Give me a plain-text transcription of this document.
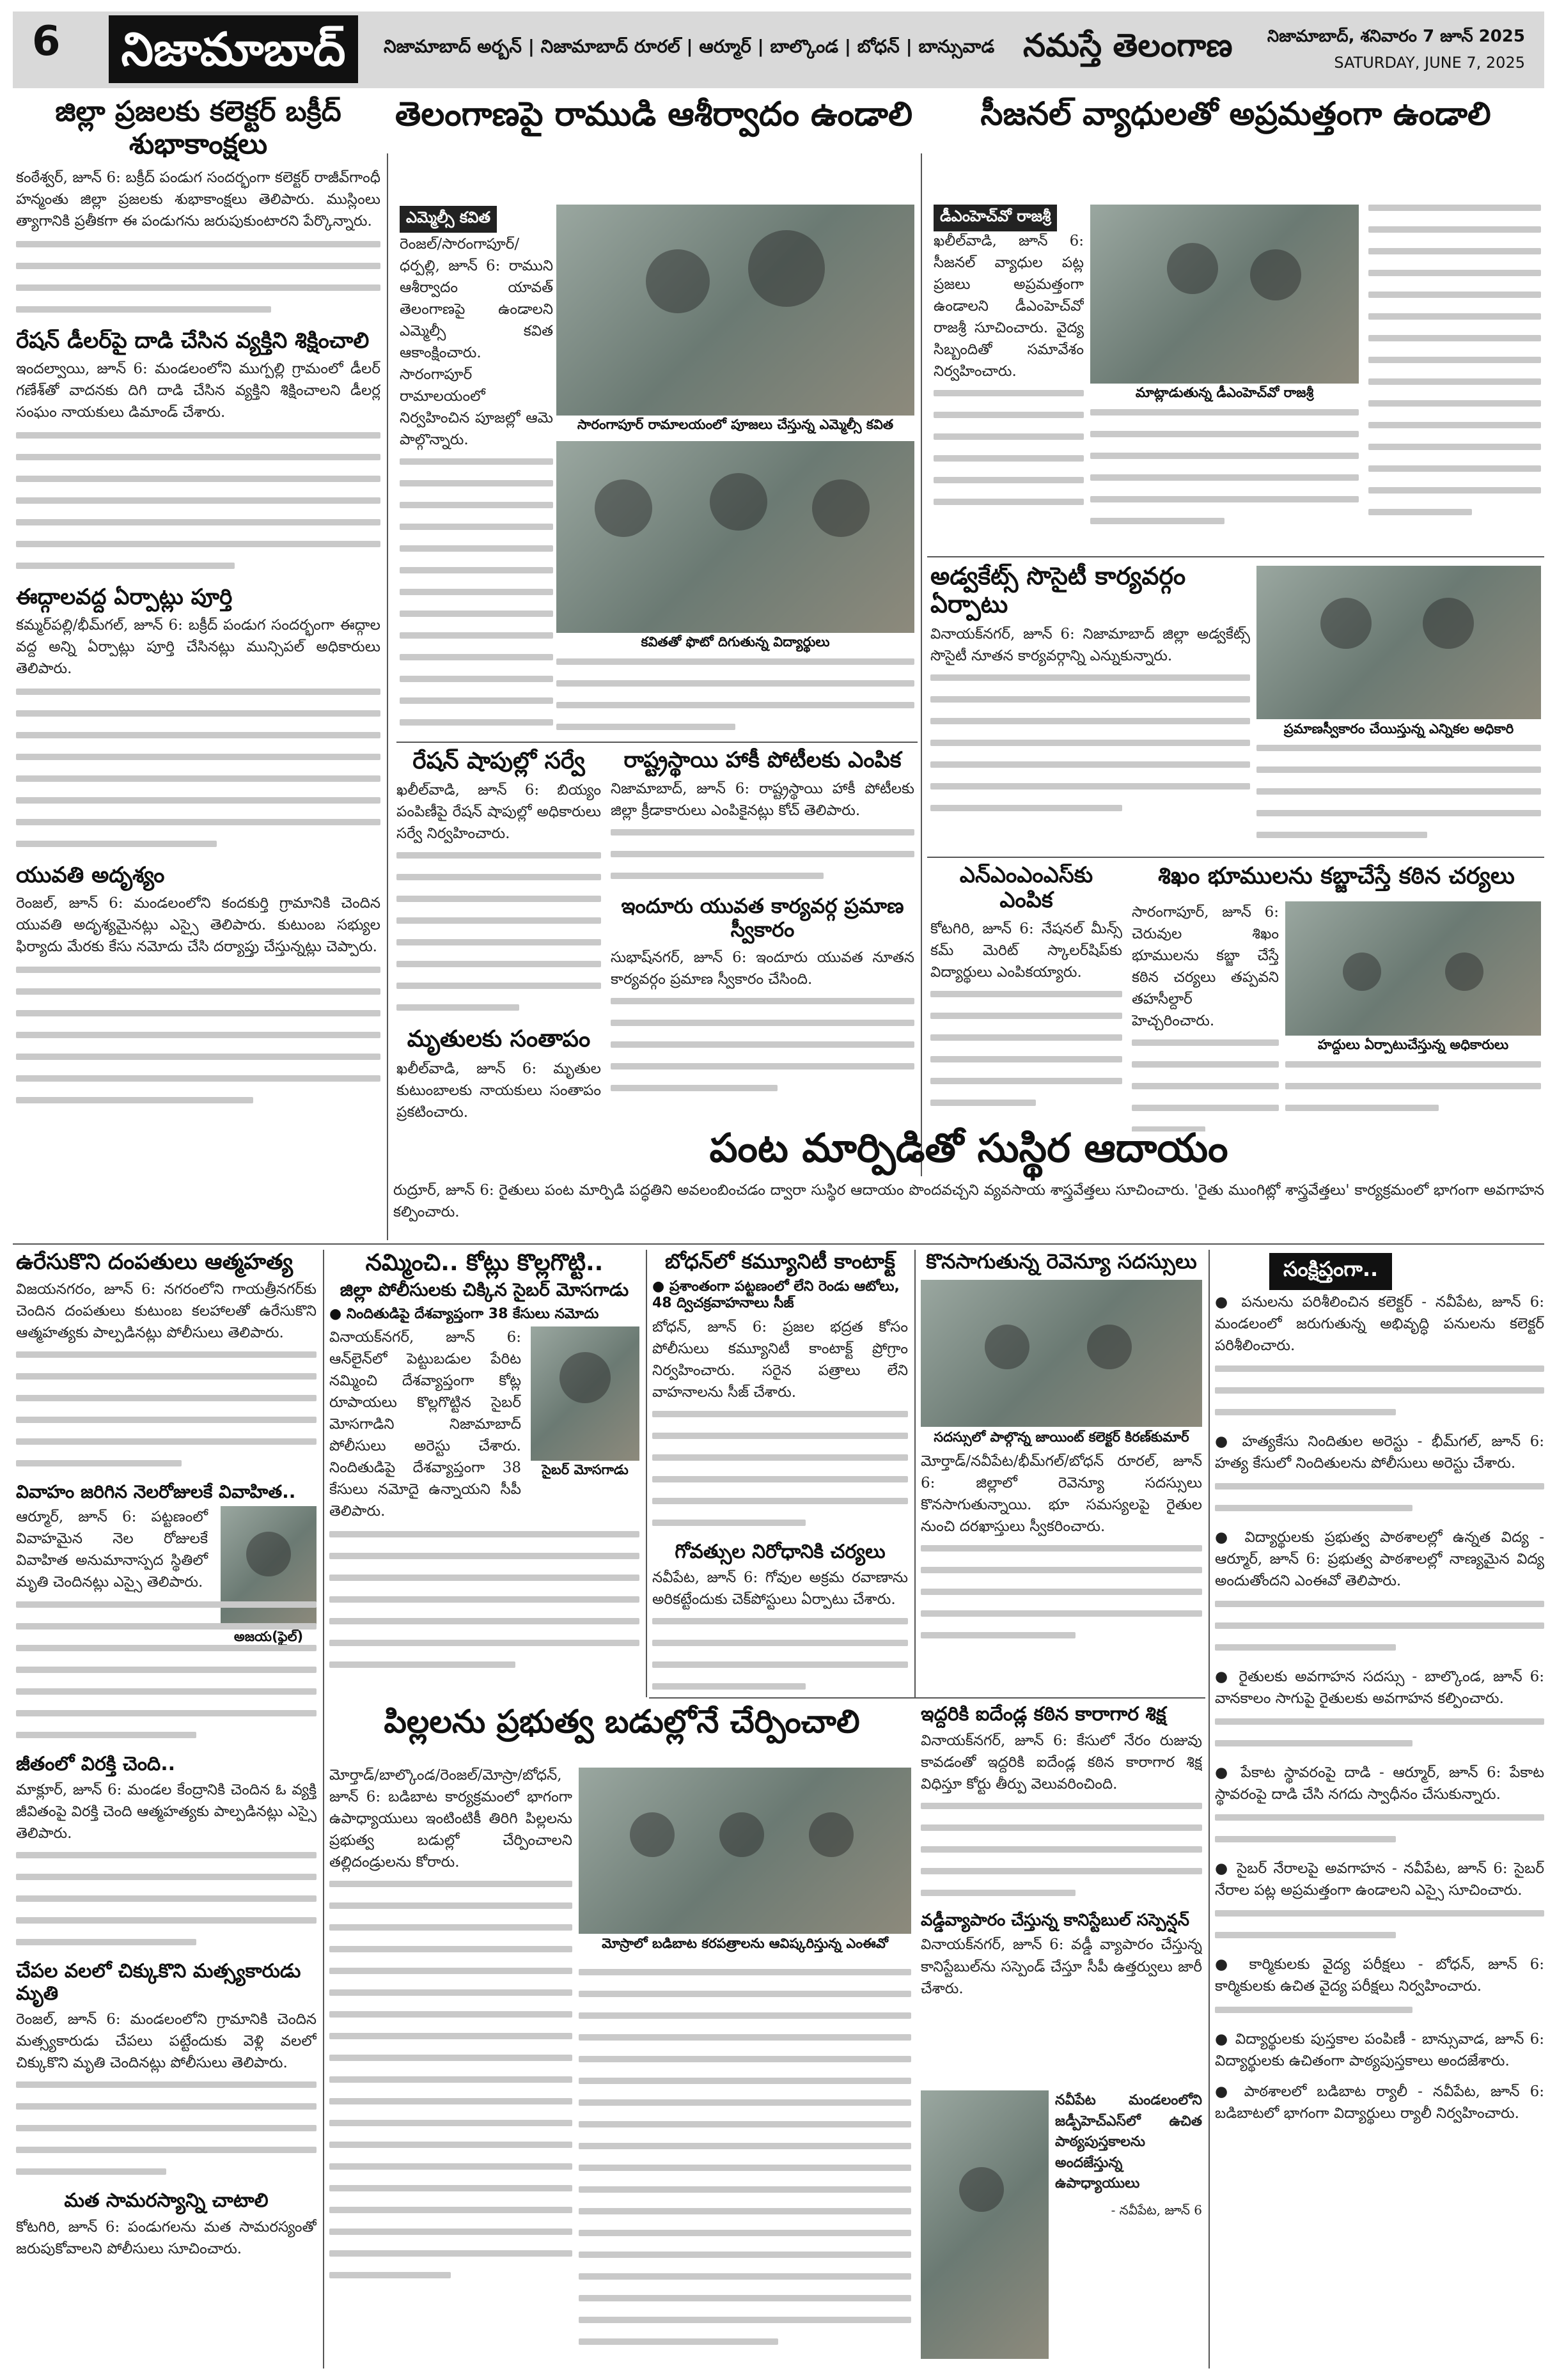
6 నిజామాబాద్	నిజామాబాద్ అర్బన్ | నిజామాబాద్ రూరల్ | ఆర్మూర్ | బాల్కొండ | బోధన్ | బాన్సువాడ నమస్తే తెలంగాణ నిజామాబాద్, శనివారం 7 జూన్ 2025
SATURDAY, JUNE 7, 2025
జిల్లా ప్రజలకు కలెక్టర్ బక్రీద్ శుభాకాంక్షలు

కంఠేశ్వర్, జూన్ 6: బక్రీద్ పండుగ సందర్భంగా కలెక్టర్ రాజీవ్‌గాంధీ హన్మంతు జిల్లా ప్రజలకు శుభాకాంక్షలు తెలిపారు. ముస్లింలు త్యాగానికి ప్రతీకగా ఈ పండుగను జరుపుకుంటారని పేర్కొన్నారు.

రేషన్ డీలర్‌పై దాడి చేసిన వ్యక్తిని శిక్షించాలి

ఇందల్వాయి, జూన్ 6: మండలంలోని ముగ్పల్లి గ్రామంలో డీలర్ గణేశ్‌తో వాదనకు దిగి దాడి చేసిన వ్యక్తిని శిక్షించాలని డీలర్ల సంఘం నాయకులు డిమాండ్ చేశారు.

ఈద్గాలవద్ద ఏర్పాట్లు పూర్తి

కమ్మర్‌పల్లి/భీమ్‌గల్, జూన్ 6: బక్రీద్ పండుగ సందర్భంగా ఈద్గాల వద్ద అన్ని ఏర్పాట్లు పూర్తి చేసినట్లు మున్సిపల్ అధికారులు తెలిపారు.

యువతి అదృశ్యం

రెంజల్, జూన్ 6: మండలంలోని కందకుర్తి గ్రామానికి చెందిన యువతి అదృశ్యమైనట్లు ఎస్సై తెలిపారు. కుటుంబ సభ్యుల ఫిర్యాదు మేరకు కేసు నమోదు చేసి దర్యాప్తు చేస్తున్నట్లు చెప్పారు.

తెలంగాణపై రాముడి ఆశీర్వాదం ఉండాలి
ఎమ్మెల్సీ కవిత

రెంజల్/సారంగాపూర్/ధర్పల్లి, జూన్ 6: రాముని ఆశీర్వాదం యావత్ తెలంగాణపై ఉండాలని ఎమ్మెల్సీ కవిత ఆకాంక్షించారు. సారంగాపూర్ రామాలయంలో నిర్వహించిన పూజల్లో ఆమె పాల్గొన్నారు.

సారంగాపూర్ రామాలయంలో పూజలు చేస్తున్న ఎమ్మెల్సీ కవిత
కవితతో ఫొటో దిగుతున్న విద్యార్థులు
రేషన్ షాపుల్లో సర్వే

ఖలీల్‌వాడి, జూన్ 6: బియ్యం పంపిణీపై రేషన్ షాపుల్లో అధికారులు సర్వే నిర్వహించారు.

మృతులకు సంతాపం

ఖలీల్‌వాడి, జూన్ 6: మృతుల కుటుంబాలకు నాయకులు సంతాపం ప్రకటించారు.

రాష్ట్రస్థాయి హాకీ పోటీలకు ఎంపిక

నిజామాబాద్, జూన్ 6: రాష్ట్రస్థాయి హాకీ పోటీలకు జిల్లా క్రీడాకారులు ఎంపికైనట్లు కోచ్ తెలిపారు.

ఇందూరు యువత కార్యవర్గ ప్రమాణ స్వీకారం

సుభాష్‌నగర్, జూన్ 6: ఇందూరు యువత నూతన కార్యవర్గం ప్రమాణ స్వీకారం చేసింది.

సీజనల్ వ్యాధులతో అప్రమత్తంగా ఉండాలి
డీఎంహెచ్‌వో రాజశ్రీ

ఖలీల్‌వాడి, జూన్ 6: సీజనల్ వ్యాధుల పట్ల ప్రజలు అప్రమత్తంగా ఉండాలని డీఎంహెచ్‌వో రాజశ్రీ సూచించారు. వైద్య సిబ్బందితో సమావేశం నిర్వహించారు.

మాట్లాడుతున్న డీఎంహెచ్‌వో రాజశ్రీ
అడ్వకేట్స్ సొసైటీ కార్యవర్గం ఏర్పాటు

వినాయక్‌నగర్, జూన్ 6: నిజామాబాద్ జిల్లా అడ్వకేట్స్ సొసైటీ నూతన కార్యవర్గాన్ని ఎన్నుకున్నారు.

ప్రమాణస్వీకారం చేయిస్తున్న ఎన్నికల అధికారి
ఎన్ఎంఎంఎస్‌కు ఎంపిక

కోటగిరి, జూన్ 6: నేషనల్ మీన్స్ కమ్ మెరిట్ స్కాలర్‌షిప్‌కు విద్యార్థులు ఎంపికయ్యారు.

శిఖం భూములను కబ్జాచేస్తే కఠిన చర్యలు

సారంగాపూర్, జూన్ 6: చెరువుల శిఖం భూములను కబ్జా చేస్తే కఠిన చర్యలు తప్పవని తహసీల్దార్ హెచ్చరించారు.

హద్దులు ఏర్పాటుచేస్తున్న అధికారులు
పంట మార్పిడితో సుస్థిర ఆదాయం

రుద్రూర్, జూన్ 6: రైతులు పంట మార్పిడి పద్ధతిని అవలంబించడం ద్వారా సుస్థిర ఆదాయం పొందవచ్చని వ్యవసాయ శాస్త్రవేత్తలు సూచించారు. 'రైతు ముంగిట్లో శాస్త్రవేత్తలు' కార్యక్రమంలో భాగంగా అవగాహన కల్పించారు.

ఉరేసుకొని దంపతులు ఆత్మహత్య

విజయనగరం, జూన్ 6: నగరంలోని గాయత్రీనగర్‌కు చెందిన దంపతులు కుటుంబ కలహాలతో ఉరేసుకొని ఆత్మహత్యకు పాల్పడినట్లు పోలీసులు తెలిపారు.

వివాహం జరిగిన నెలరోజులకే వివాహిత..

ఆర్మూర్, జూన్ 6: పట్టణంలో వివాహమైన నెల రోజులకే వివాహిత అనుమానాస్పద స్థితిలో మృతి చెందినట్లు ఎస్సై తెలిపారు.

అజయ(ఫైల్)
జీతంలో విరక్తి చెంది..

మాక్లూర్, జూన్ 6: మండల కేంద్రానికి చెందిన ఓ వ్యక్తి జీవితంపై విరక్తి చెంది ఆత్మహత్యకు పాల్పడినట్లు ఎస్సై తెలిపారు.

చేపల వలలో చిక్కుకొని మత్స్యకారుడు మృతి

రెంజల్, జూన్ 6: మండలంలోని గ్రామానికి చెందిన మత్స్యకారుడు చేపలు పట్టేందుకు వెళ్లి వలలో చిక్కుకొని మృతి చెందినట్లు పోలీసులు తెలిపారు.

మత సామరస్యాన్ని చాటాలి

కోటగిరి, జూన్ 6: పండుగలను మత సామరస్యంతో జరుపుకోవాలని పోలీసులు సూచించారు.

నమ్మించి.. కోట్లు కొల్లగొట్టి..
జిల్లా పోలీసులకు చిక్కిన సైబర్ మోసగాడు
● నిందితుడిపై దేశవ్యాప్తంగా 38 కేసులు నమోదు

వినాయక్‌నగర్, జూన్ 6: ఆన్‌లైన్‌లో పెట్టుబడుల పేరిట నమ్మించి దేశవ్యాప్తంగా కోట్ల రూపాయలు కొల్లగొట్టిన సైబర్ మోసగాడిని నిజామాబాద్ పోలీసులు అరెస్టు చేశారు. నిందితుడిపై దేశవ్యాప్తంగా 38 కేసులు నమోదై ఉన్నాయని సీపీ తెలిపారు.

సైబర్ మోసగాడు
బోధన్‌లో కమ్యూనిటీ కాంటాక్ట్
● ప్రశాంతంగా పట్టణంలో లేని రెండు ఆటోలు, 48 ద్విచక్రవాహనాలు సీజ్

బోధన్, జూన్ 6: ప్రజల భద్రత కోసం పోలీసులు కమ్యూనిటీ కాంటాక్ట్ ప్రోగ్రాం నిర్వహించారు. సరైన పత్రాలు లేని వాహనాలను సీజ్ చేశారు.

గోవత్సుల నిరోధానికి చర్యలు

నవీపేట, జూన్ 6: గోవుల అక్రమ రవాణాను అరికట్టేందుకు చెక్‌పోస్టులు ఏర్పాటు చేశారు.

కొనసాగుతున్న రెవెన్యూ సదస్సులు
సదస్సులో పాల్గొన్న జాయింట్ కలెక్టర్ కిరణ్‌కుమార్

మోర్తాడ్/నవీపేట/భీమ్‌గల్/బోధన్ రూరల్, జూన్ 6: జిల్లాలో రెవెన్యూ సదస్సులు కొనసాగుతున్నాయి. భూ సమస్యలపై రైతుల నుంచి దరఖాస్తులు స్వీకరించారు.

ఇద్దరికి ఐదేండ్ల కఠిన కారాగార శిక్ష

వినాయక్‌నగర్, జూన్ 6: కేసులో నేరం రుజువు కావడంతో ఇద్దరికి ఐదేండ్ల కఠిన కారాగార శిక్ష విధిస్తూ కోర్టు తీర్పు వెలువరించింది.

వడ్డీవ్యాపారం చేస్తున్న కానిస్టేబుల్ సస్పెన్షన్

వినాయక్‌నగర్, జూన్ 6: వడ్డీ వ్యాపారం చేస్తున్న కానిస్టేబుల్‌ను సస్పెండ్ చేస్తూ సీపీ ఉత్తర్వులు జారీ చేశారు.

పిల్లలను ప్రభుత్వ బడుల్లోనే చేర్పించాలి

మోర్తాడ్/బాల్కొండ/రెంజల్/మోస్రా/బోధన్, జూన్ 6: బడిబాట కార్యక్రమంలో భాగంగా ఉపాధ్యాయులు ఇంటింటికీ తిరిగి పిల్లలను ప్రభుత్వ బడుల్లో చేర్పించాలని తల్లిదండ్రులను కోరారు.

మోస్రాలో బడిబాట కరపత్రాలను ఆవిష్కరిస్తున్న ఎంఈవో

నవీపేట మండలంలోని జడ్పీహెచ్‌ఎస్‌లో ఉచిత పాఠ్యపుస్తకాలను అందజేస్తున్న ఉపాధ్యాయులు

- నవీపేట, జూన్ 6

సంక్షిప్తంగా..

● పనులను పరిశీలించిన కలెక్టర్ - నవీపేట, జూన్ 6: మండలంలో జరుగుతున్న అభివృద్ధి పనులను కలెక్టర్ పరిశీలించారు.

● హత్యకేసు నిందితుల అరెస్టు - భీమ్‌గల్, జూన్ 6: హత్య కేసులో నిందితులను పోలీసులు అరెస్టు చేశారు.

● విద్యార్థులకు ప్రభుత్వ పాఠశాలల్లో ఉన్నత విద్య - ఆర్మూర్, జూన్ 6: ప్రభుత్వ పాఠశాలల్లో నాణ్యమైన విద్య అందుతోందని ఎంఈవో తెలిపారు.

● రైతులకు అవగాహన సదస్సు - బాల్కొండ, జూన్ 6: వానకాలం సాగుపై రైతులకు అవగాహన కల్పించారు.

● పేకాట స్థావరంపై దాడి - ఆర్మూర్, జూన్ 6: పేకాట స్థావరంపై దాడి చేసి నగదు స్వాధీనం చేసుకున్నారు.

● సైబర్ నేరాలపై అవగాహన - నవీపేట, జూన్ 6: సైబర్ నేరాల పట్ల అప్రమత్తంగా ఉండాలని ఎస్సై సూచించారు.

● కార్మికులకు వైద్య పరీక్షలు - బోధన్, జూన్ 6: కార్మికులకు ఉచిత వైద్య పరీక్షలు నిర్వహించారు.

● విద్యార్థులకు పుస్తకాల పంపిణీ - బాన్సువాడ, జూన్ 6: విద్యార్థులకు ఉచితంగా పాఠ్యపుస్తకాలు అందజేశారు.

● పాఠశాలలో బడిబాట ర్యాలీ - నవీపేట, జూన్ 6: బడిబాటలో భాగంగా విద్యార్థులు ర్యాలీ నిర్వహించారు.
